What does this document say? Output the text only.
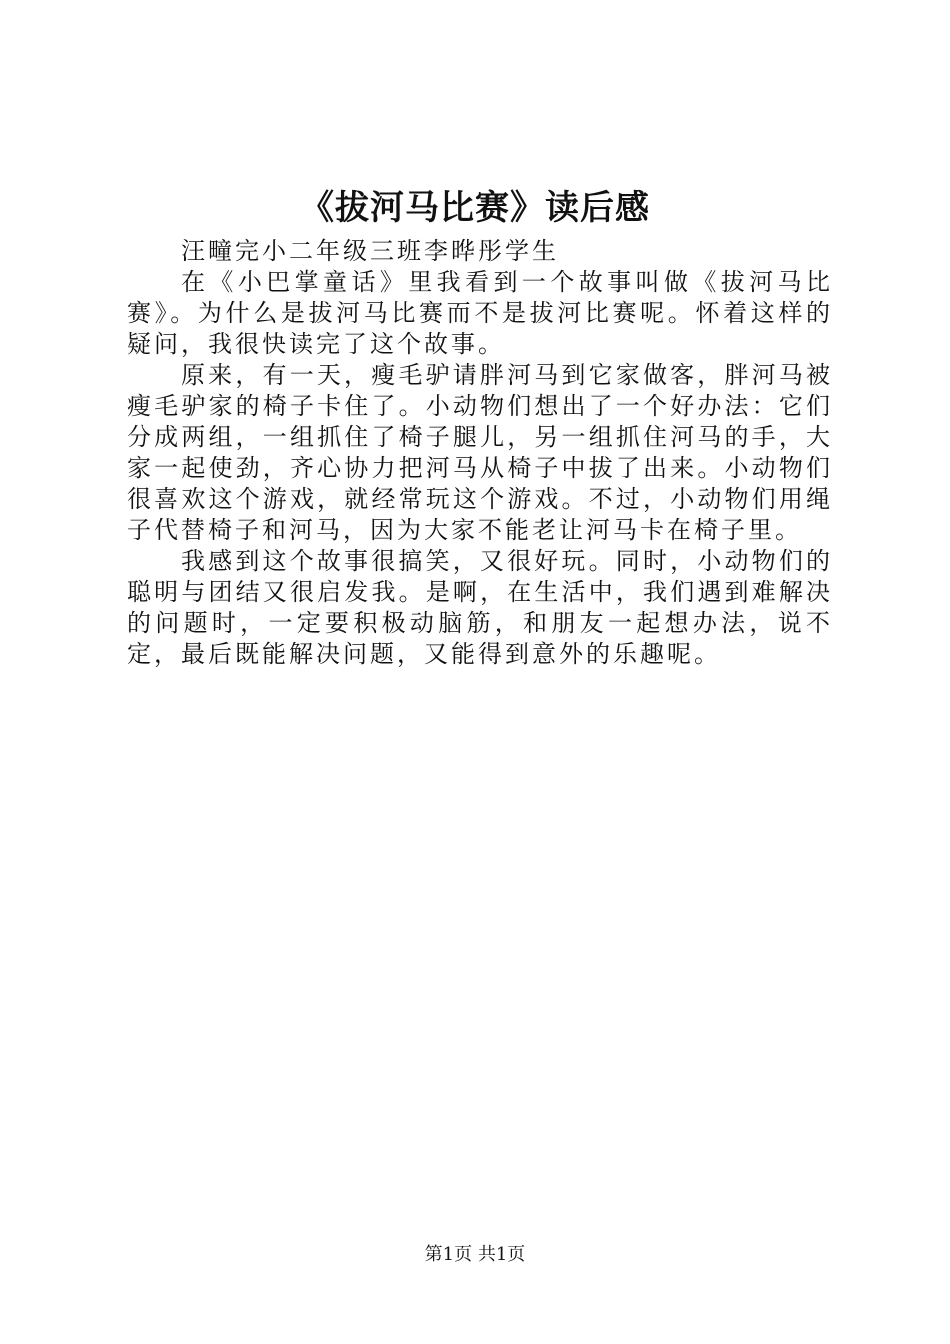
《拔河马比赛》读后感

汪疃完小二年级三班李晔彤学生

在《小巴掌童话》里我看到一个故事叫做《拔河马比赛》。为什么是拔河马比赛而不是拔河比赛呢。怀着这样的疑问，我很快读完了这个故事。

原来，有一天，瘦毛驴请胖河马到它家做客，胖河马被瘦毛驴家的椅子卡住了。小动物们想出了一个好办法：它们分成两组，一组抓住了椅子腿儿，另一组抓住河马的手，大家一起使劲，齐心协力把河马从椅子中拔了出来。小动物们很喜欢这个游戏，就经常玩这个游戏。不过，小动物们用绳子代替椅子和河马，因为大家不能老让河马卡在椅子里。

我感到这个故事很搞笑，又很好玩。同时，小动物们的聪明与团结又很启发我。是啊，在生活中，我们遇到难解决的问题时，一定要积极动脑筋，和朋友一起想办法，说不定，最后既能解决问题，又能得到意外的乐趣呢。

第1页 共1页
